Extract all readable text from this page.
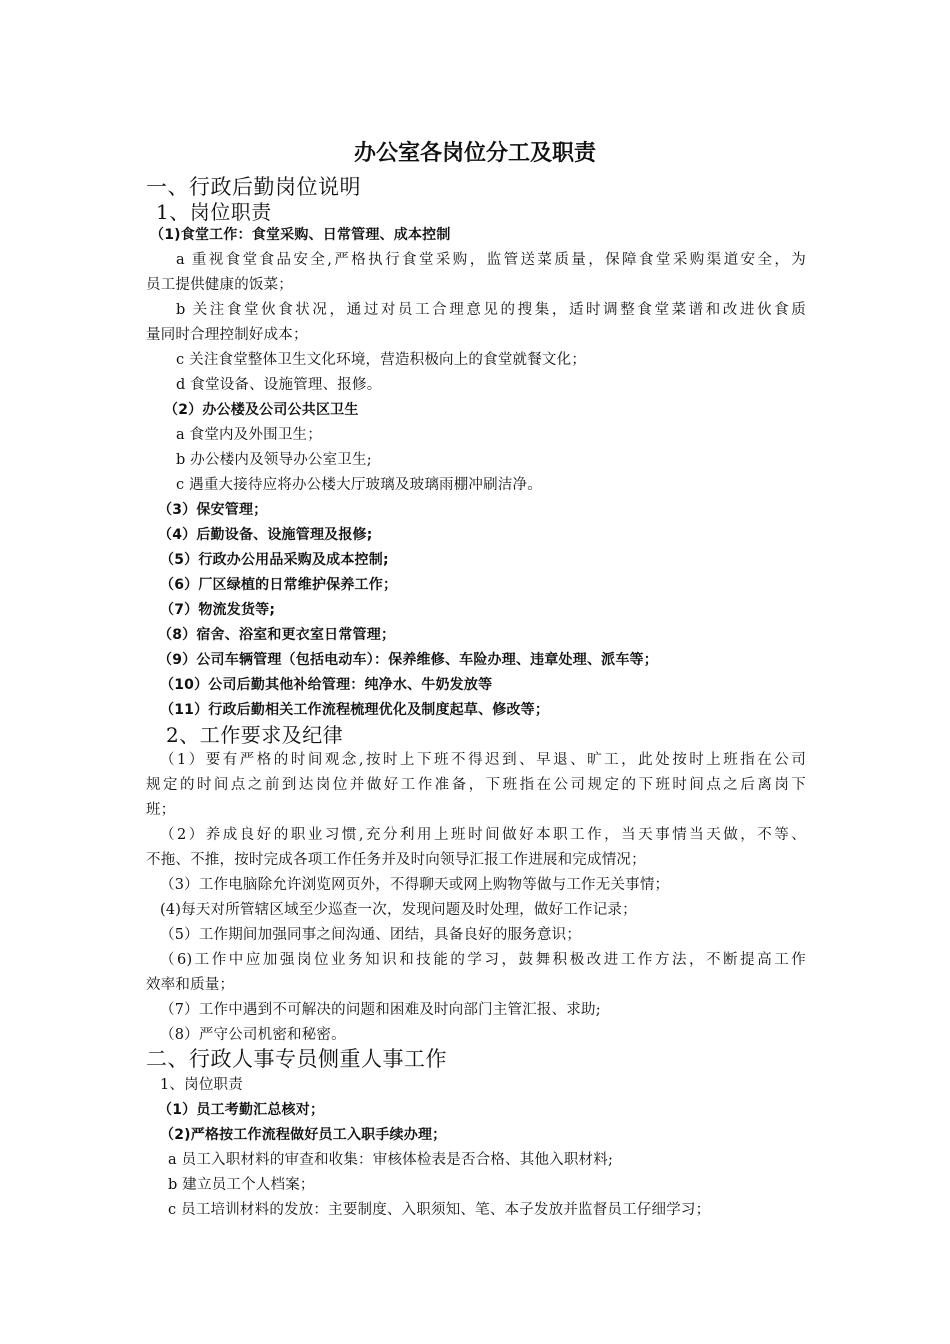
办公室各岗位分工及职责
一、行政后勤岗位说明
1、岗位职责
（1)食堂工作：食堂采购、日常管理、成本控制
a 重视食堂食品安全,严格执行食堂采购，监管送菜质量，保障食堂采购渠道安全，为
员工提供健康的饭菜；
b 关注食堂伙食状况，通过对员工合理意见的搜集，适时调整食堂菜谱和改进伙食质
量同时合理控制好成本；
c 关注食堂整体卫生文化环境，营造积极向上的食堂就餐文化；
d 食堂设备、设施管理、报修。
（2）办公楼及公司公共区卫生
a 食堂内及外围卫生；
b 办公楼内及领导办公室卫生;
c 遇重大接待应将办公楼大厅玻璃及玻璃雨棚冲刷洁净。
（3）保安管理；
（4）后勤设备、设施管理及报修;
（5）行政办公用品采购及成本控制;
（6）厂区绿植的日常维护保养工作；
（7）物流发货等;
（8）宿舍、浴室和更衣室日常管理；
（9）公司车辆管理（包括电动车）：保养维修、车险办理、违章处理、派车等；
（10）公司后勤其他补给管理：纯净水、牛奶发放等
（11）行政后勤相关工作流程梳理优化及制度起草、修改等；
2、工作要求及纪律
（1）要有严格的时间观念,按时上下班不得迟到、早退、旷工，此处按时上班指在公司
规定的时间点之前到达岗位并做好工作准备，下班指在公司规定的下班时间点之后离岗下
班；
（2）养成良好的职业习惯,充分利用上班时间做好本职工作，当天事情当天做，不等、
不拖、不推，按时完成各项工作任务并及时向领导汇报工作进展和完成情况；
（3）工作电脑除允许浏览网页外，不得聊天或网上购物等做与工作无关事情；
(4)每天对所管辖区域至少巡查一次，发现问题及时处理，做好工作记录；
（5）工作期间加强同事之间沟通、团结，具备良好的服务意识；
（6)工作中应加强岗位业务知识和技能的学习，鼓舞积极改进工作方法，不断提高工作
效率和质量；
（7）工作中遇到不可解决的问题和困难及时向部门主管汇报、求助;
（8）严守公司机密和秘密。
二、行政人事专员侧重人事工作
1、岗位职责
（1）员工考勤汇总核对；
（2)严格按工作流程做好员工入职手续办理；
a 员工入职材料的审查和收集：审核体检表是否合格、其他入职材料;
b 建立员工个人档案；
c 员工培训材料的发放：主要制度、入职须知、笔、本子发放并监督员工仔细学习；
